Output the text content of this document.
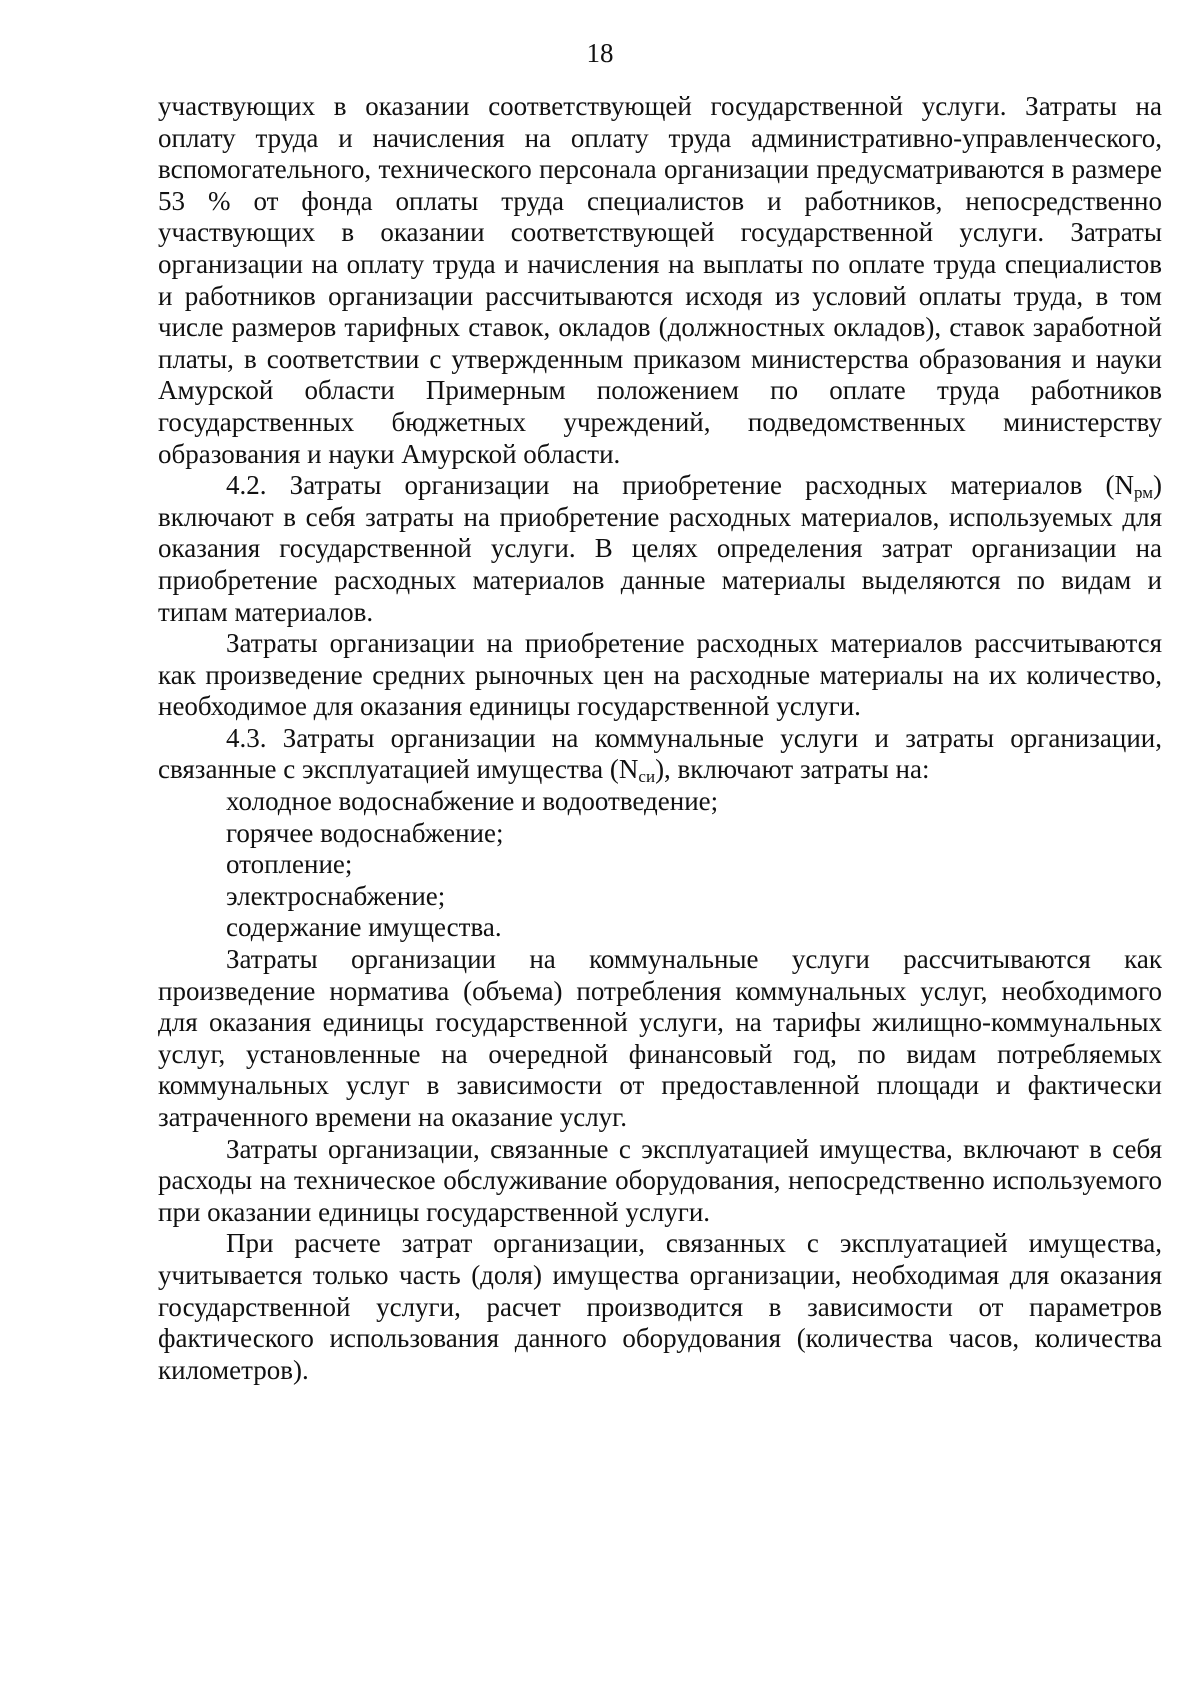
18

участвующих в оказании соответствующей государственной услуги. Затраты на оплату труда и начисления на оплату труда административно-управленческого, вспомогательного, технического персонала организации предусматриваются в размере 53 % от фонда оплаты труда специалистов и работников, непосредственно участвующих в оказании соответствующей государственной услуги. Затраты организации на оплату труда и начисления на выплаты по оплате труда специалистов и работников организации рассчитываются исходя из условий оплаты труда, в том числе размеров тарифных ставок, окладов (должностных окладов), ставок заработной платы, в соответствии с утвержденным приказом министерства образования и науки Амурской области Примерным положением по оплате труда работников государственных бюджетных учреждений, подведомственных министерству образования и науки Амурской области.

4.2. Затраты организации на приобретение расходных материалов $(N_{рм})$ включают в себя затраты на приобретение расходных материалов, используемых для оказания государственной услуги. В целях определения затрат организации на приобретение расходных материалов данные материалы выделяются по видам и типам материалов.

Затраты организации на приобретение расходных материалов рассчитываются как произведение средних рыночных цен на расходные материалы на их количество, необходимое для оказания единицы государственной услуги.

4.3. Затраты организации на коммунальные услуги и затраты организации, связанные с эксплуатацией имущества $(N_{си})$, включают затраты на:

холодное водоснабжение и водоотведение;

горячее водоснабжение;

отопление;

электроснабжение;

содержание имущества.

Затраты организации на коммунальные услуги рассчитываются как произведение норматива (объема) потребления коммунальных услуг, необходимого для оказания единицы государственной услуги, на тарифы жилищно-коммунальных услуг, установленные на очередной финансовый год, по видам потребляемых коммунальных услуг в зависимости от предоставленной площади и фактически затраченного времени на оказание услуг.

Затраты организации, связанные с эксплуатацией имущества, включают в себя расходы на техническое обслуживание оборудования, непосредственно используемого при оказании единицы государственной услуги.

При расчете затрат организации, связанных с эксплуатацией имущества, учитывается только часть (доля) имущества организации, необходимая для оказания государственной услуги, расчет производится в зависимости от параметров фактического использования данного оборудования (количества часов, количества километров).
